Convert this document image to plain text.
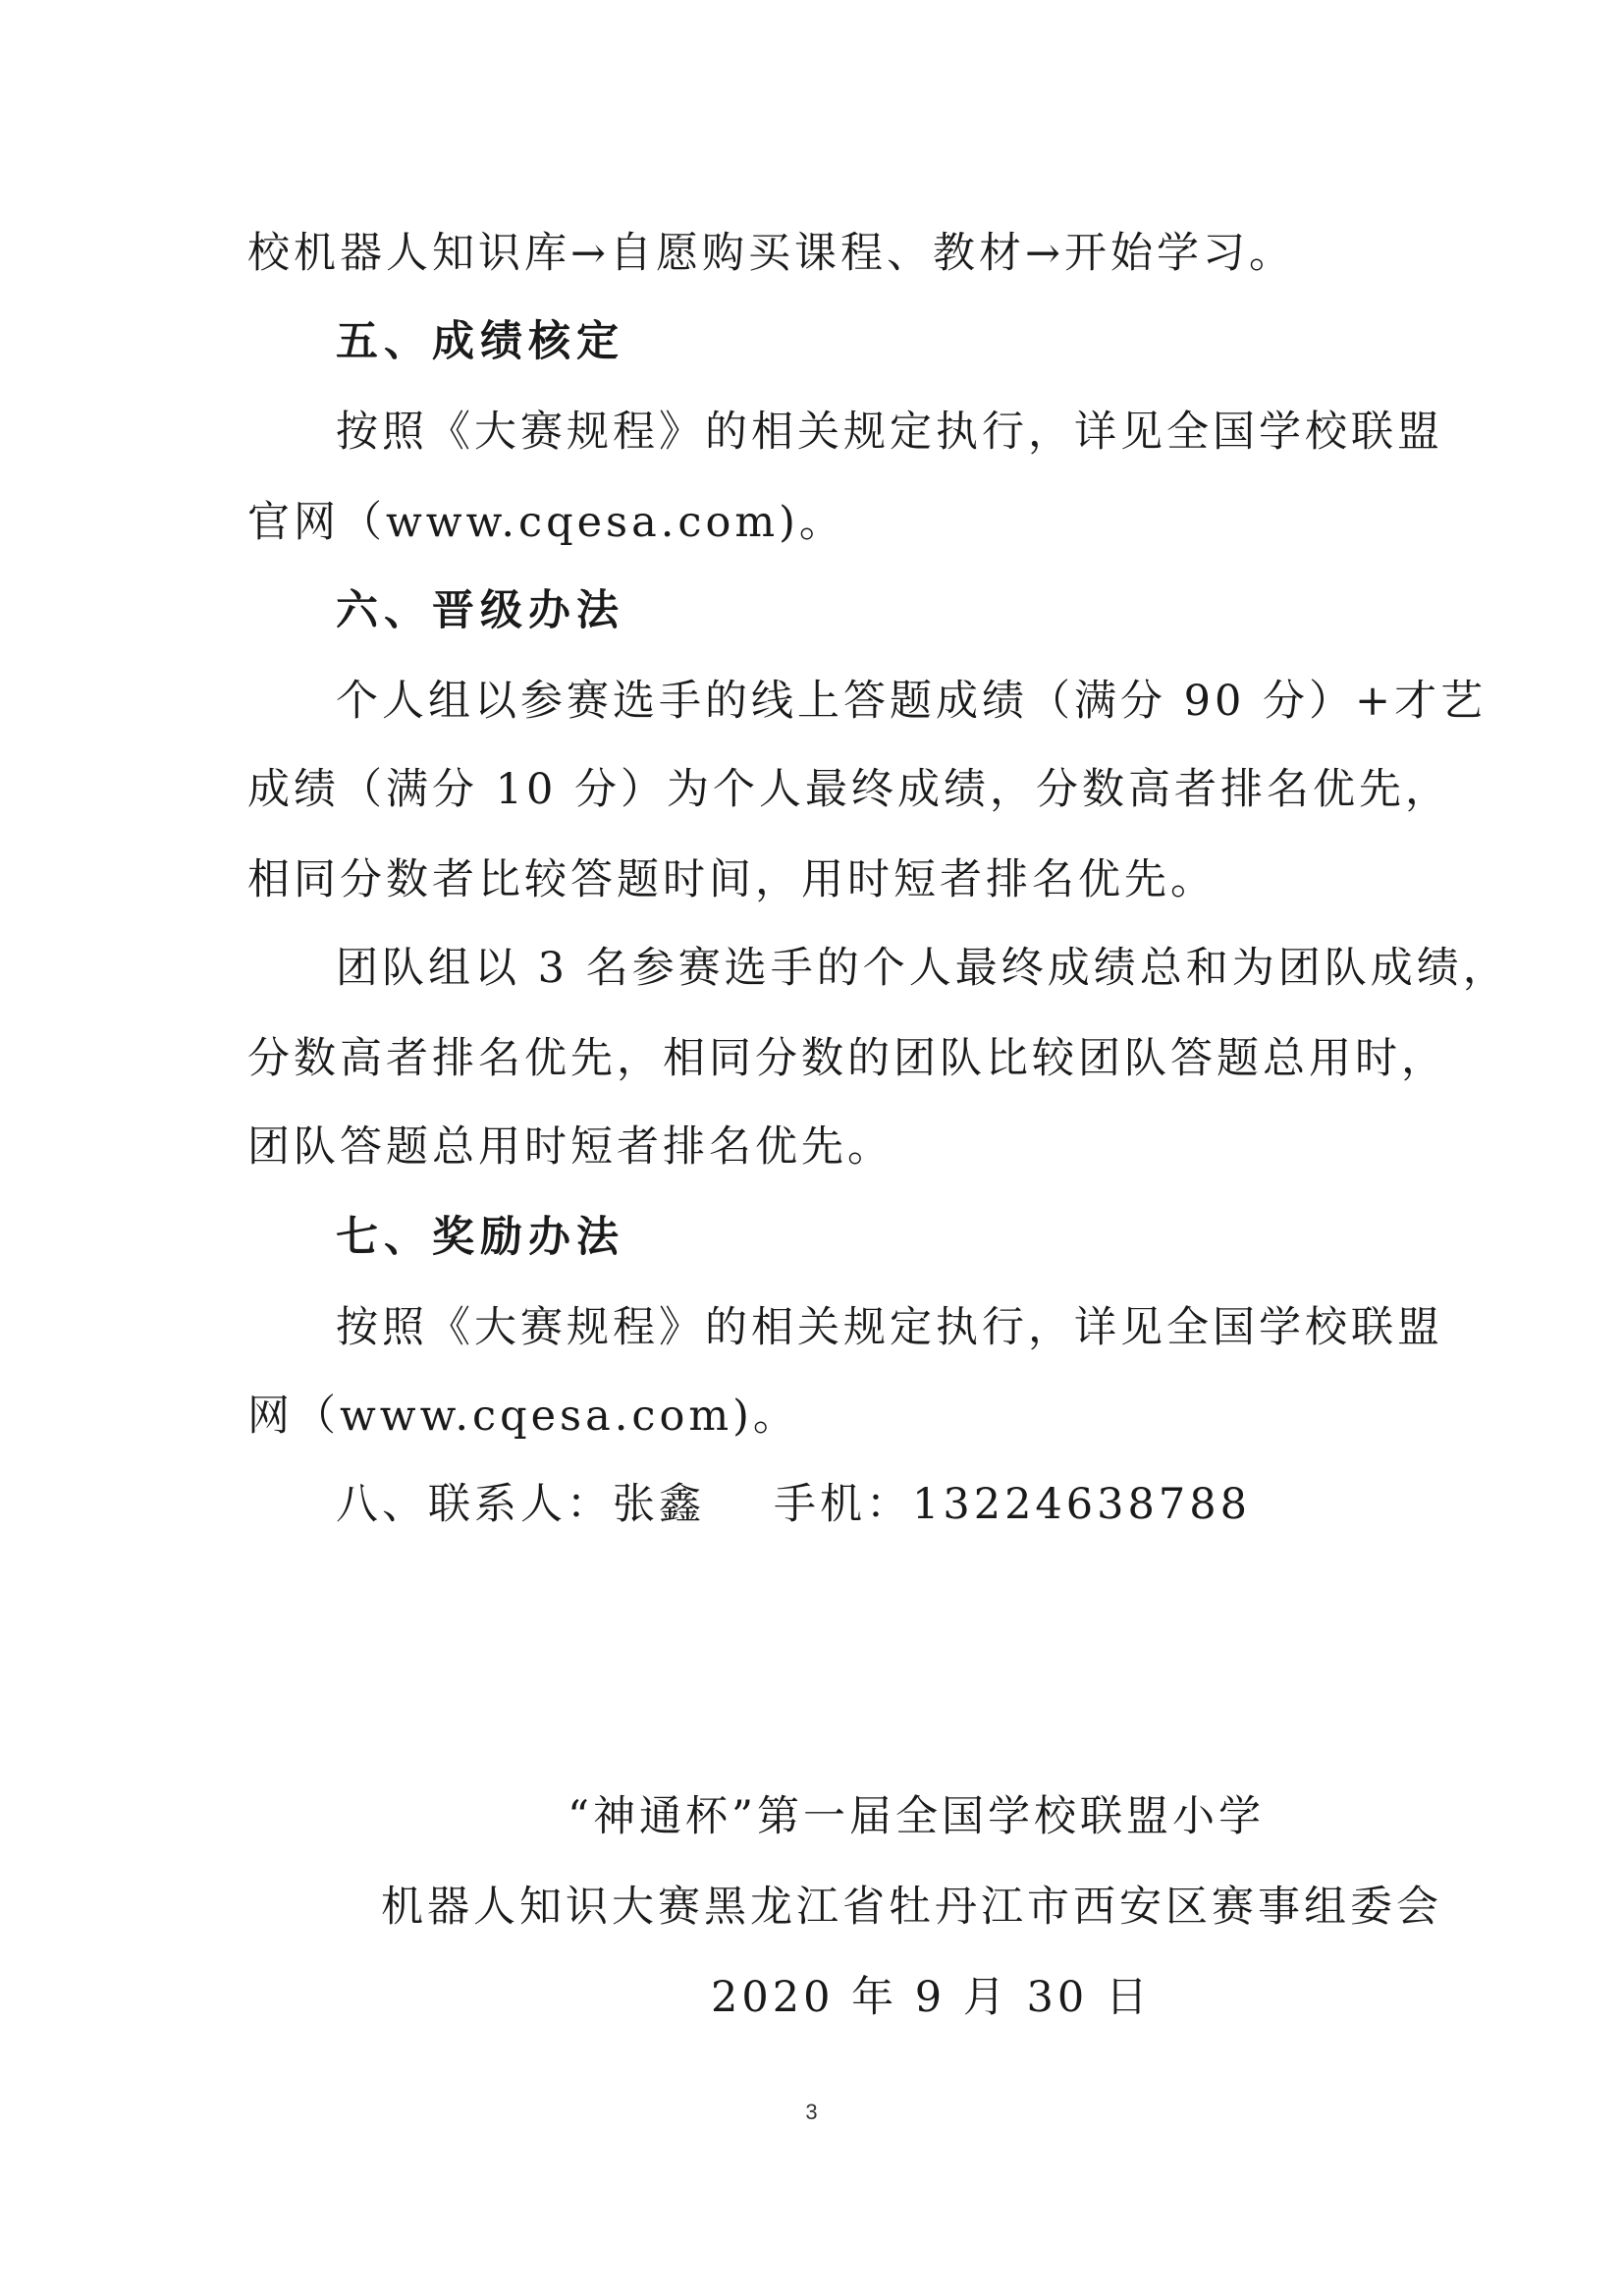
校机器人知识库→自愿购买课程、教材→开始学习。
五、成绩核定
按照《大赛规程》的相关规定执行，详见全国学校联盟
官网（www.cqesa.com)。
六、晋级办法
个人组以参赛选手的线上答题成绩（满分 90 分）+才艺
成绩（满分 10 分）为个人最终成绩，分数高者排名优先，
相同分数者比较答题时间，用时短者排名优先。
团队组以 3 名参赛选手的个人最终成绩总和为团队成绩，
分数高者排名优先，相同分数的团队比较团队答题总用时，
团队答题总用时短者排名优先。
七、奖励办法
按照《大赛规程》的相关规定执行，详见全国学校联盟
网（www.cqesa.com)。
八、联系人：张鑫 手机：13224638788
“神通杯”第一届全国学校联盟小学
机器人知识大赛黑龙江省牡丹江市西安区赛事组委会
2020 年 9 月 30 日
3
